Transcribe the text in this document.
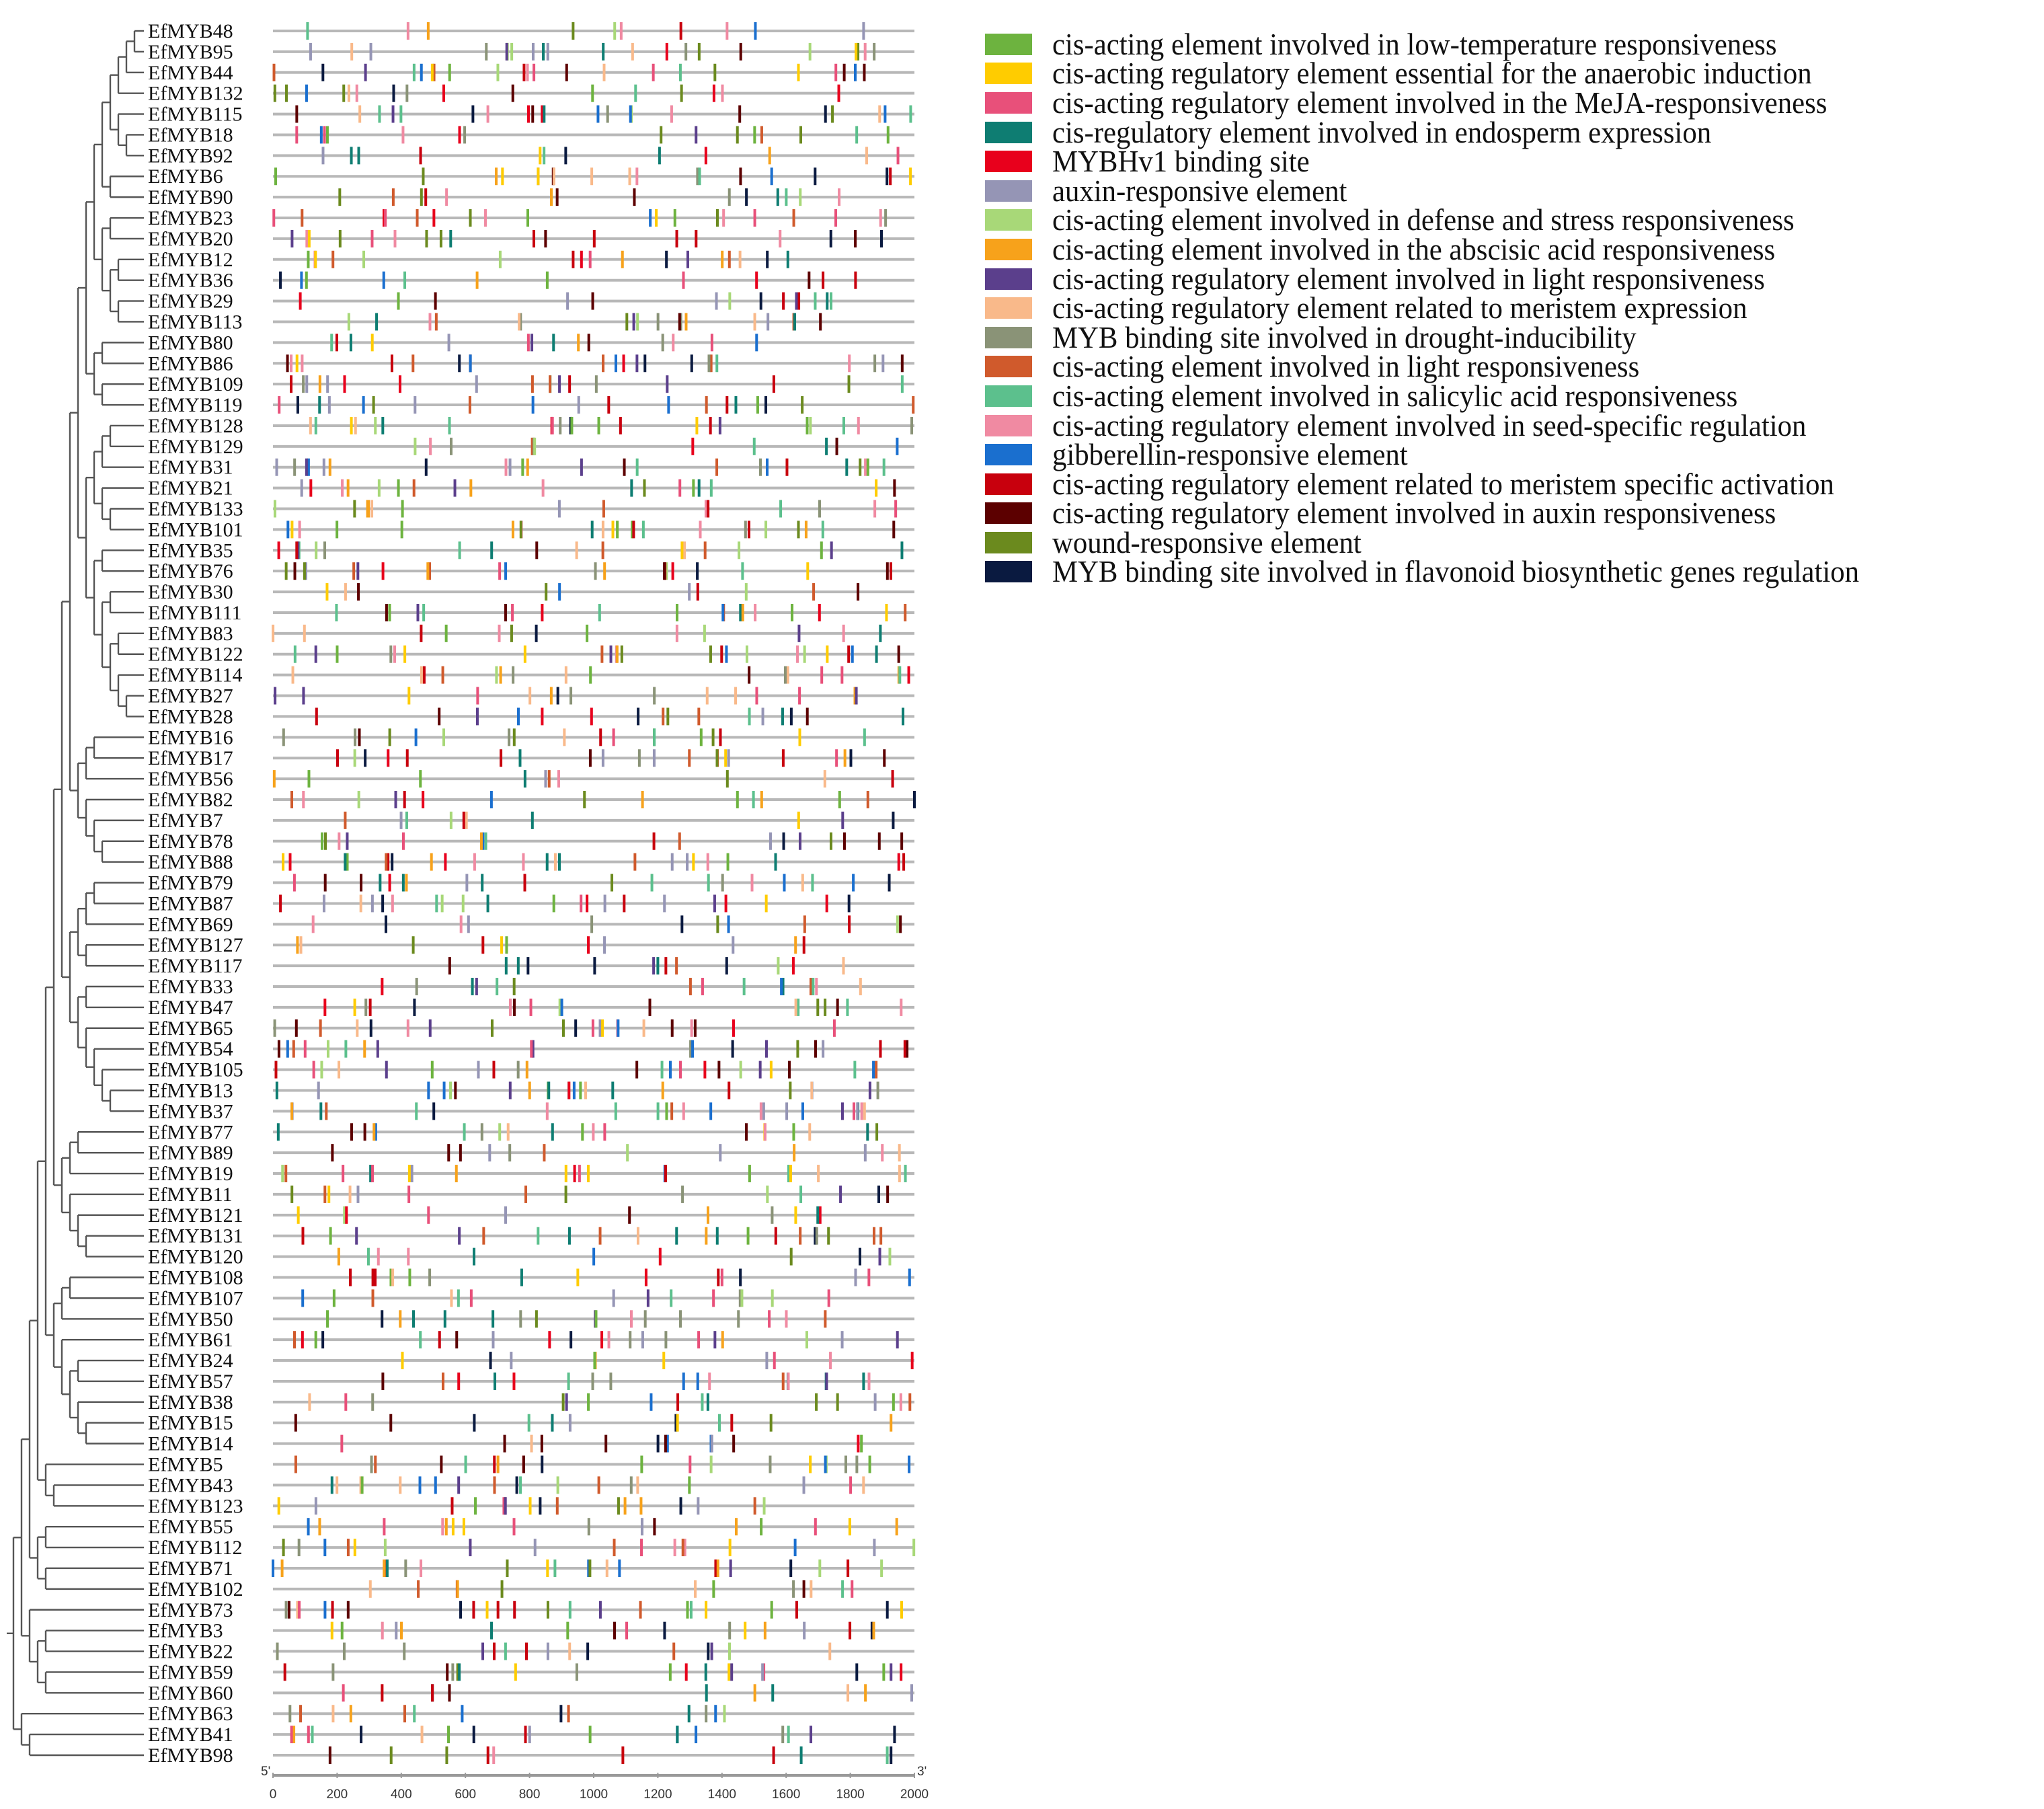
EfMYB48
EfMYB95
EfMYB44
EfMYB132
EfMYB115
EfMYB18
EfMYB92
EfMYB6
EfMYB90
EfMYB23
EfMYB20
EfMYB12
EfMYB36
EfMYB29
EfMYB113
EfMYB80
EfMYB86
EfMYB109
EfMYB119
EfMYB128
EfMYB129
EfMYB31
EfMYB21
EfMYB133
EfMYB101
EfMYB35
EfMYB76
EfMYB30
EfMYB111
EfMYB83
EfMYB122
EfMYB114
EfMYB27
EfMYB28
EfMYB16
EfMYB17
EfMYB56
EfMYB82
EfMYB7
EfMYB78
EfMYB88
EfMYB79
EfMYB87
EfMYB69
EfMYB127
EfMYB117
EfMYB33
EfMYB47
EfMYB65
EfMYB54
EfMYB105
EfMYB13
EfMYB37
EfMYB77
EfMYB89
EfMYB19
EfMYB11
EfMYB121
EfMYB131
EfMYB120
EfMYB108
EfMYB107
EfMYB50
EfMYB61
EfMYB24
EfMYB57
EfMYB38
EfMYB15
EfMYB14
EfMYB5
EfMYB43
EfMYB123
EfMYB55
EfMYB112
EfMYB71
EfMYB102
EfMYB73
EfMYB3
EfMYB22
EfMYB59
EfMYB60
EfMYB63
EfMYB41
EfMYB98
5'	3'
0	200	400	600	800	1000	1200	1400	1600	1800	2000
cis-acting element involved in low-temperature responsiveness
cis-acting regulatory element essential for the anaerobic induction
cis-acting regulatory element involved in the MeJA-responsiveness
cis-regulatory element involved in endosperm expression
MYBHv1 binding site
auxin-responsive element
cis-acting element involved in defense and stress responsiveness
cis-acting element involved in the abscisic acid responsiveness
cis-acting regulatory element involved in light responsiveness
cis-acting regulatory element related to meristem expression
MYB binding site involved in drought-inducibility
cis-acting element involved in light responsiveness
cis-acting element involved in salicylic acid responsiveness
cis-acting regulatory element involved in seed-specific regulation
gibberellin-responsive element
cis-acting regulatory element related to meristem specific activation
cis-acting regulatory element involved in auxin responsiveness
wound-responsive element
MYB binding site involved in flavonoid biosynthetic genes regulation
